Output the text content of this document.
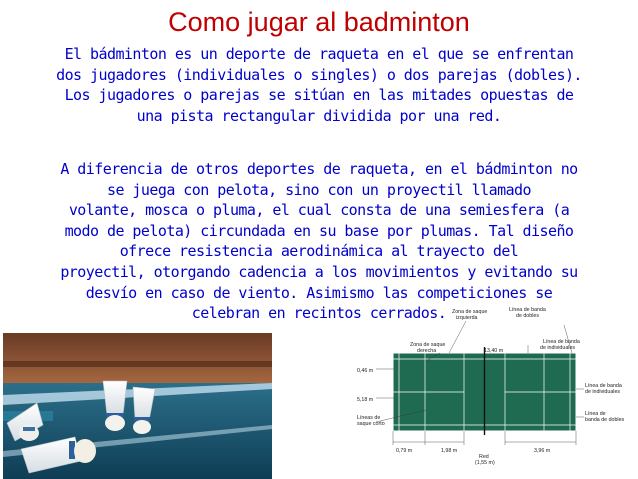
Como jugar al badminton
El bádminton es un deporte de raqueta en el que se enfrentan
dos jugadores (individuales o singles) o dos parejas (dobles).
Los jugadores o parejas se sitúan en las mitades opuestas de
una pista rectangular dividida por una red.
A diferencia de otros deportes de raqueta, en el bádminton no
se juega con pelota, sino con un proyectil llamado
volante, mosca o pluma, el cual consta de una semiesfera (a
modo de pelota) circundada en su base por plumas. Tal diseño
ofrece resistencia aerodinámica al trayecto del
proyectil, otorgando cadencia a los movimientos y evitando su
desvío en caso de viento. Asimismo las competiciones se
celebran en recintos cerrados.	Zona de saque izquierda
Línea de banda de dobles
Zona de saque derecha	13,40 m
Línea de banda de individuales
0,46 m
5,18 m
Líneas de saque corto
Línea de banda de individuales
Línea de banda de dobles
0,79 m	1,98 m	3,96 m
Red (1,55 m)
